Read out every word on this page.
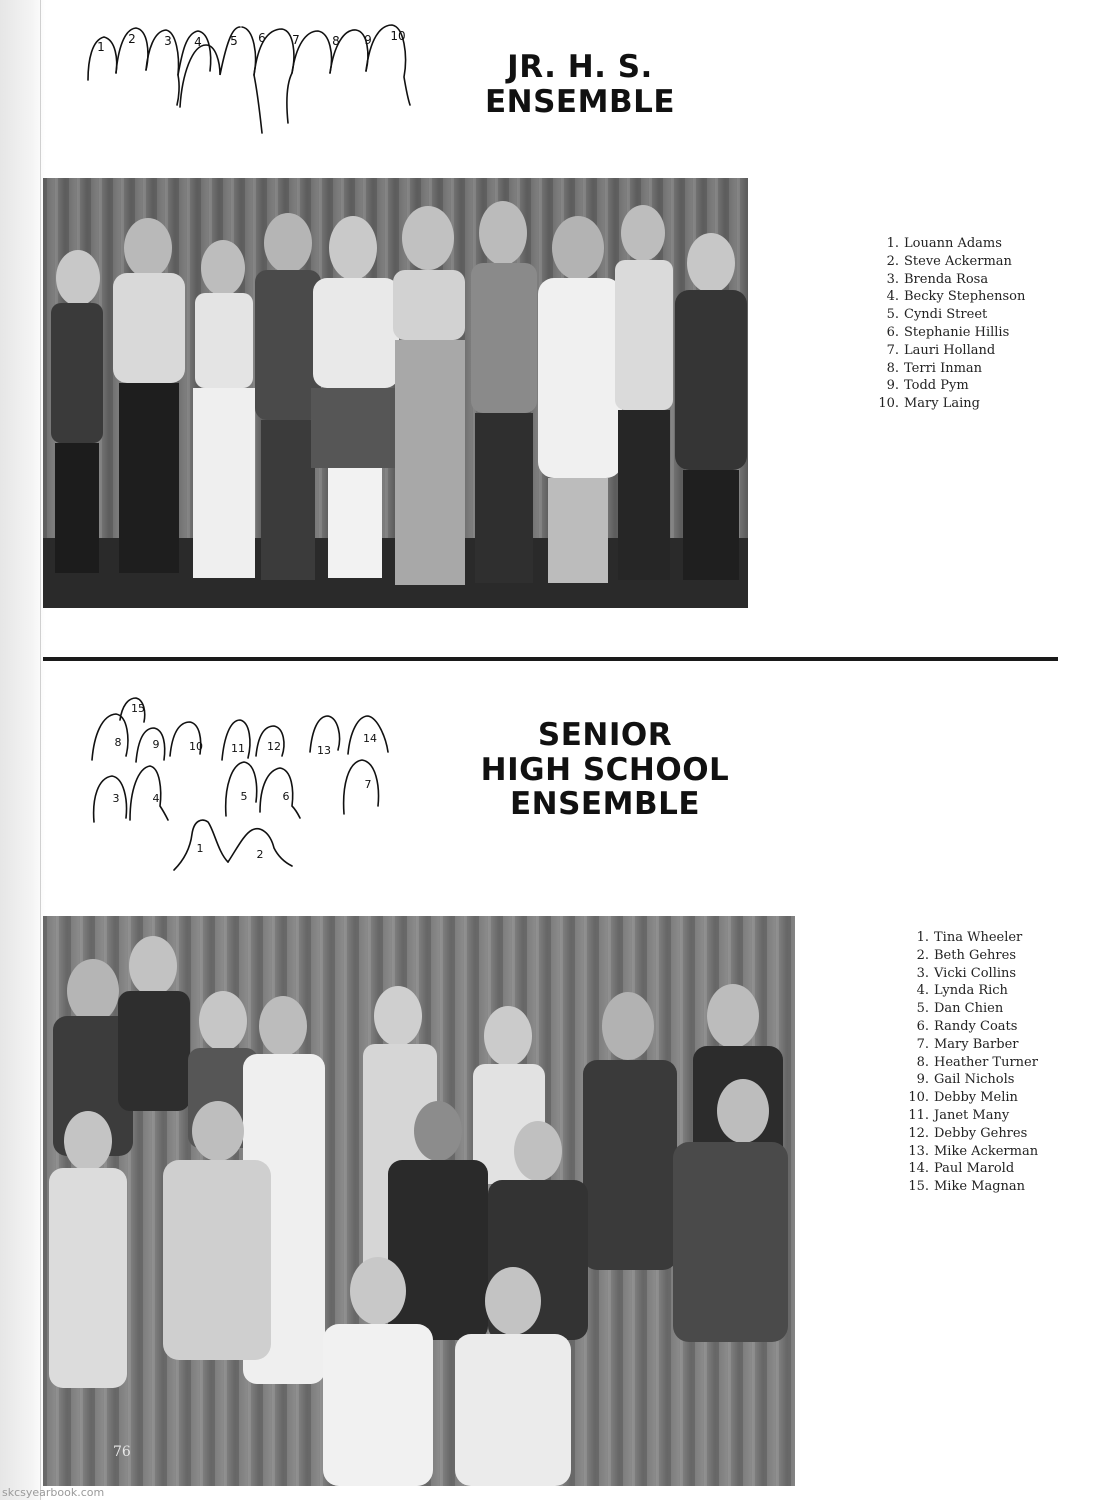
1
2 3 4 5 6 7	8 9 10
JR. H. S.
ENSEMBLE
1. Louann Adams
2. Steve Ackerman
3. Brenda Rosa
4. Becky Stephenson
5. Cyndi Street
6. Stephanie Hillis
7. Lauri Holland
8. Terri Inman
9. Todd Pym
10. Mary Laing
1	2
3	4	5	6
7
8	9	10	11 12	13
14
15
SENIOR
HIGH SCHOOL
ENSEMBLE
1. Tina Wheeler
2. Beth Gehres
3. Vicki Collins
4. Lynda Rich
5. Dan Chien
6. Randy Coats
7. Mary Barber
8. Heather Turner
9. Gail Nichols
10. Debby Melin
11. Janet Many
12. Debby Gehres
13. Mike Ackerman
14. Paul Marold
15. Mike Magnan
76
skcsyearbook.com
